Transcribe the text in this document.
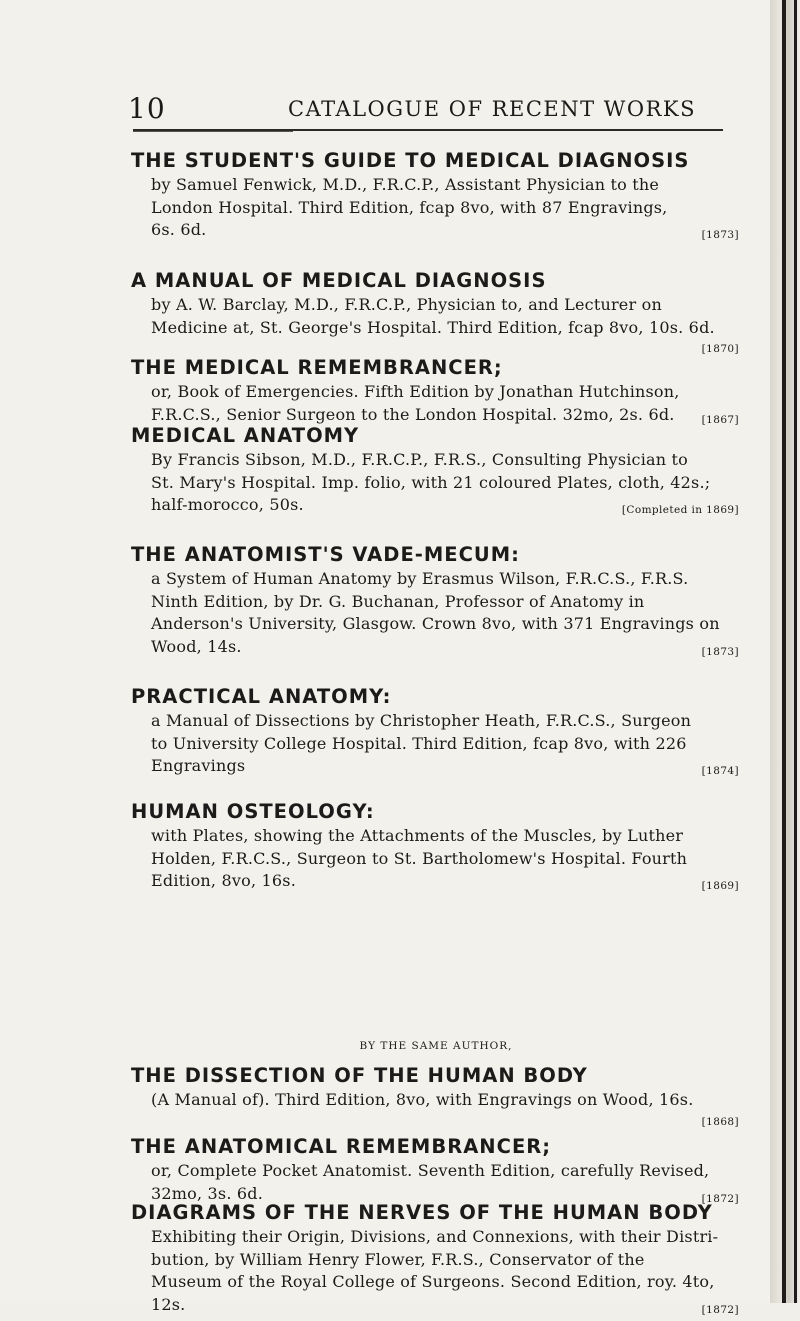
10	CATALOGUE OF RECENT WORKS
THE STUDENT'S GUIDE TO MEDICAL DIAGNOSIS
by Samuel Fenwick, M.D., F.R.C.P., Assistant Physician to the
London Hospital. Third Edition, fcap 8vo, with 87 Engravings,
6s. 6d.	[1873]
A MANUAL OF MEDICAL DIAGNOSIS
by A. W. Barclay, M.D., F.R.C.P., Physician to, and Lecturer on
Medicine at, St. George's Hospital. Third Edition, fcap 8vo, 10s. 6d.
[1870]
THE MEDICAL REMEMBRANCER;
or, Book of Emergencies. Fifth Edition by Jonathan Hutchinson,
F.R.C.S., Senior Surgeon to the London Hospital. 32mo, 2s. 6d.	[1867]
MEDICAL ANATOMY
By Francis Sibson, M.D., F.R.C.P., F.R.S., Consulting Physician to
St. Mary's Hospital. Imp. folio, with 21 coloured Plates, cloth, 42s.;
half-morocco, 50s.	[Completed in 1869]
THE ANATOMIST'S VADE-MECUM:
a System of Human Anatomy by Erasmus Wilson, F.R.C.S., F.R.S.
Ninth Edition, by Dr. G. Buchanan, Professor of Anatomy in
Anderson's University, Glasgow. Crown 8vo, with 371 Engravings on
Wood, 14s.	[1873]
PRACTICAL ANATOMY:
a Manual of Dissections by Christopher Heath, F.R.C.S., Surgeon
to University College Hospital. Third Edition, fcap 8vo, with 226
Engravings	[1874]
HUMAN OSTEOLOGY:
with Plates, showing the Attachments of the Muscles, by Luther
Holden, F.R.C.S., Surgeon to St. Bartholomew's Hospital. Fourth
Edition, 8vo, 16s.	[1869]
BY THE SAME AUTHOR,
THE DISSECTION OF THE HUMAN BODY
(A Manual of). Third Edition, 8vo, with Engravings on Wood, 16s.
[1868]
THE ANATOMICAL REMEMBRANCER;
or, Complete Pocket Anatomist. Seventh Edition, carefully Revised,
32mo, 3s. 6d.	[1872]
DIAGRAMS OF THE NERVES OF THE HUMAN BODY
Exhibiting their Origin, Divisions, and Connexions, with their Distri-
bution, by William Henry Flower, F.R.S., Conservator of the
Museum of the Royal College of Surgeons. Second Edition, roy. 4to,
12s.	[1872]
